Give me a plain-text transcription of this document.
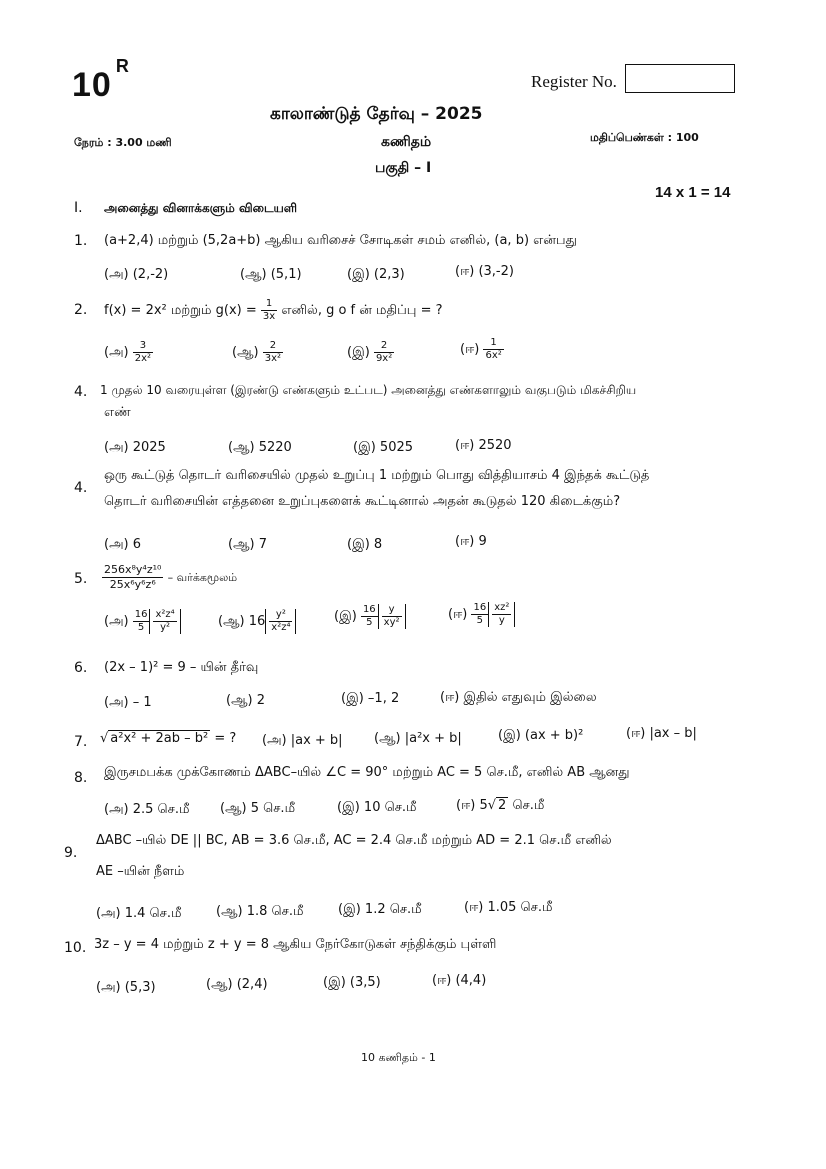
$10^R$
Register No.
காலாண்டுத் தேர்வு – 2025
நேரம் : 3.00 மணி	கணிதம்	மதிப்பெண்கள் : 100
பகுதி – I
14 x 1 = 14
I. அனைத்து வினாக்களும் விடையளி
1. (a+2,4) மற்றும் (5,2a+b) ஆகிய வரிசைச் சோடிகள் சமம் எனில், (a, b) என்பது
(அ) (2,-2)	(ஆ) (5,1)	(இ) (2,3)	(ஈ) (3,-2)
2. f(x) = 2x² மற்றும் $g(x) = \frac{1}{3x}$ எனில், g o f ன் மதிப்பு = ?
(அ) $\frac{3}{\text{2x²}}$	(ஆ) $\frac{2}{\text{3x²}}$	(இ) $\frac{2}{\text{9x²}}$	(ஈ) $\frac{1}{\text{6x²}}$
4. 1 முதல் 10 வரையுள்ள (இரண்டு எண்களும் உட்பட) அனைத்து எண்களாலும் வகுபடும் மிகச்சிறிய
எண்
(அ) 2025	(ஆ) 5220	(இ) 5025	(ஈ) 2520
4.
ஒரு கூட்டுத் தொடர் வரிசையில் முதல் உறுப்பு 1 மற்றும் பொது வித்தியாசம் 4 இந்தக் கூட்டுத்
தொடர் வரிசையின் எத்தனை உறுப்புகளைக் கூட்டினால் அதன் கூடுதல் 120 கிடைக்கும்?
(அ) 6	(ஆ) 7	(இ) 8	(ஈ) 9
5. $\frac{\text{256x⁸y⁴z¹⁰}}{\text{25x⁶y⁶z⁶}}$ – வர்க்கமூலம்
(அ) $\frac{16}{5} \frac{\text{x²z⁴}}{\text{y²}}$	(ஆ) $16 \frac{\text{y²}}{\text{x²z⁴}}$	(இ) $\frac{16}{5} \frac{y}{\text{xy²}}$	(ஈ) $\frac{16}{5} \frac{\text{xz²}}{y}$
6. (2x – 1)² = 9 – யின் தீர்வு
(அ) – 1	(ஆ) 2	(இ) –1, 2	(ஈ) இதில் எதுவும் இல்லை
7. √ a²x² + 2ab – b² = ? (அ) |ax + b| (ஆ) |a²x + b|	(இ) (ax + b)²	(ஈ) |ax – b|
8. இருசமபக்க முக்கோணம் ΔABC–யில் ∠C = 90° மற்றும் AC = 5 செ.மீ, எனில் AB ஆனது
(அ) 2.5 செ.மீ (ஆ) 5 செ.மீ	(இ) 10 செ.மீ	(ஈ) 5√ 2 செ.மீ
9.
ΔABC –யில் DE || BC, AB = 3.6 செ.மீ, AC = 2.4 செ.மீ மற்றும் AD = 2.1 செ.மீ எனில்
AE –யின் நீளம்
(அ) 1.4 செ.மீ	(ஆ) 1.8 செ.மீ	(இ) 1.2 செ.மீ	(ஈ) 1.05 செ.மீ
10. 3z – y = 4 மற்றும் z + y = 8 ஆகிய நேர்கோடுகள் சந்திக்கும் புள்ளி
(அ) (5,3)	(ஆ) (2,4)	(இ) (3,5)	(ஈ) (4,4)
10 கணிதம் - 1
